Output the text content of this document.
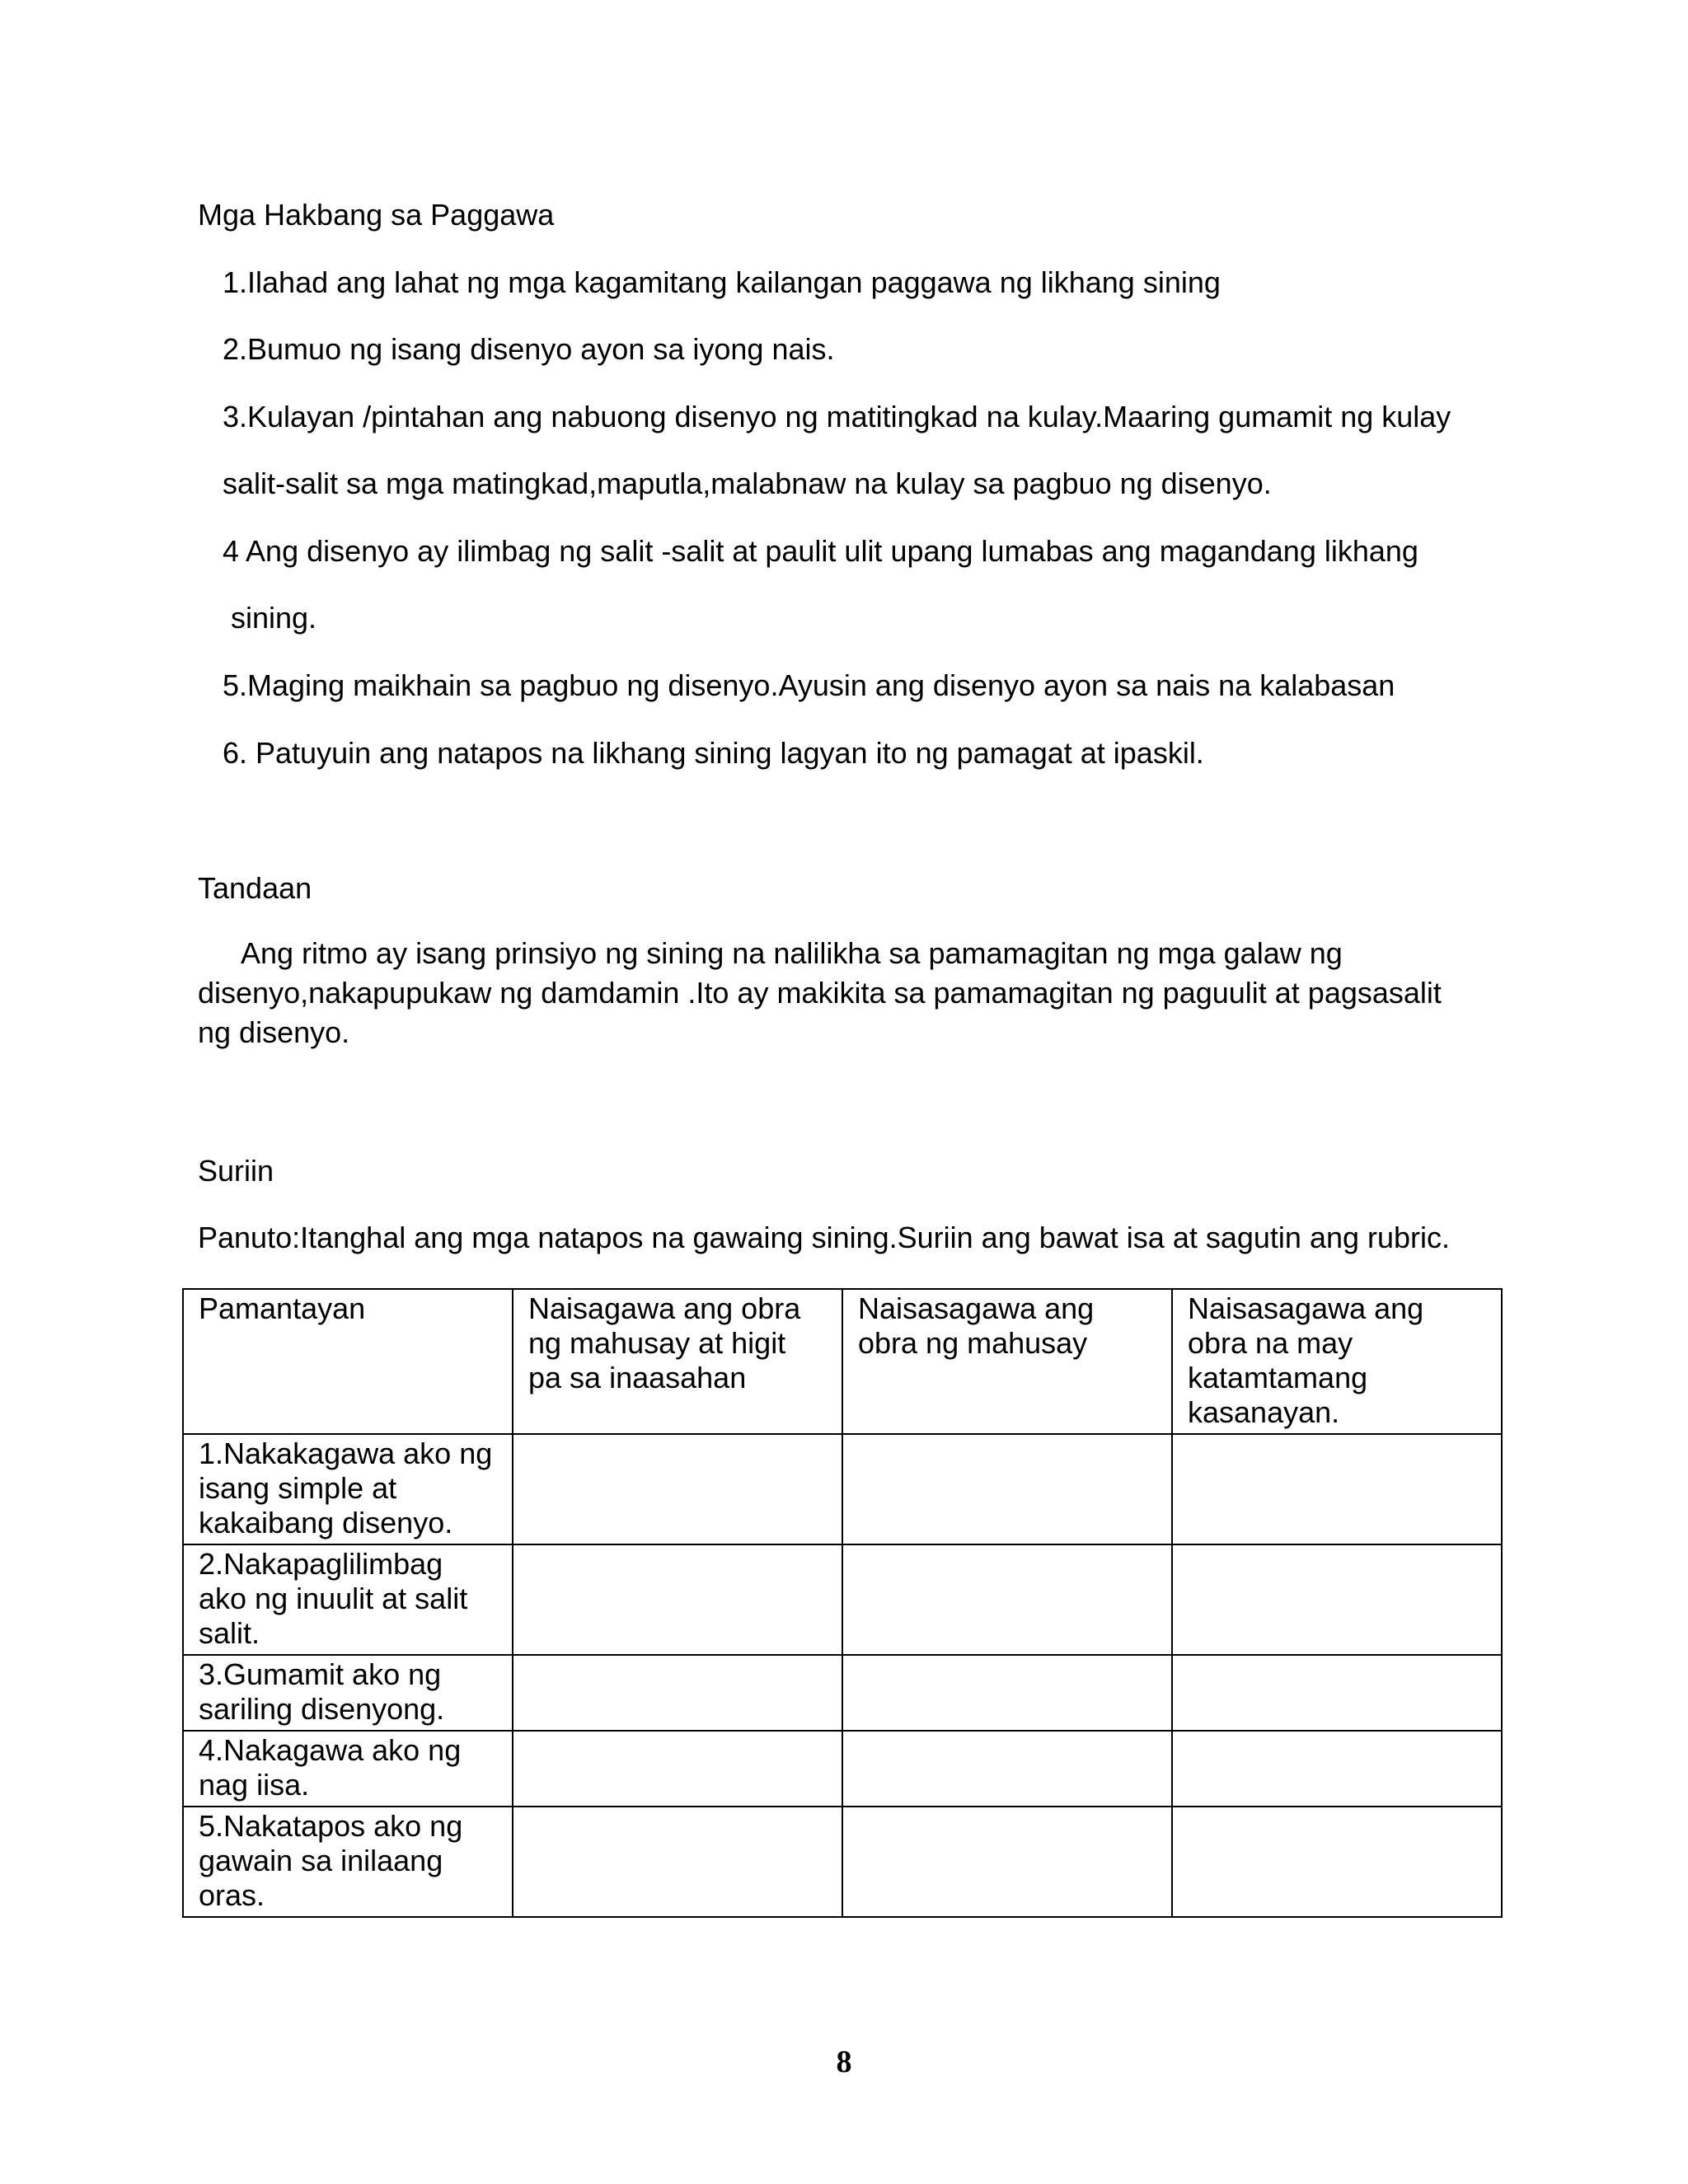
Mga Hakbang sa Paggawa
1.Ilahad ang lahat ng mga kagamitang kailangan paggawa ng likhang sining
2.Bumuo ng isang disenyo ayon sa iyong nais.
3.Kulayan /pintahan ang nabuong disenyo ng matitingkad na kulay.Maaring gumamit ng kulay
salit-salit sa mga matingkad,maputla,malabnaw na kulay sa pagbuo ng disenyo.
4 Ang disenyo ay ilimbag ng salit -salit at paulit ulit upang lumabas ang magandang likhang
sining.
5.Maging maikhain sa pagbuo ng disenyo.Ayusin ang disenyo ayon sa nais na kalabasan
6. Patuyuin ang natapos na likhang sining lagyan ito ng pamagat at ipaskil.
Tandaan
Ang ritmo ay isang prinsiyo ng sining na nalilikha sa pamamagitan ng mga galaw ng
disenyo,nakapupukaw ng damdamin .Ito ay makikita sa pamamagitan ng paguulit at pagsasalit
ng disenyo.
Suriin
Panuto:Itanghal ang mga natapos na gawaing sining.Suriin ang bawat isa at sagutin ang rubric.
Pamantayan	Naisagawa ang obra ng mahusay at higit pa sa inaasahan	Naisasagawa ang obra ng mahusay	Naisasagawa ang obra na may katamtamang kasanayan.
1.Nakakagawa ako ng isang simple at kakaibang disenyo.			
2.Nakapaglilimbag ako ng inuulit at salit salit.			
3.Gumamit ako ng sariling disenyong.			
4.Nakagawa ako ng nag iisa.			
5.Nakatapos ako ng gawain sa inilaang oras.			
8
